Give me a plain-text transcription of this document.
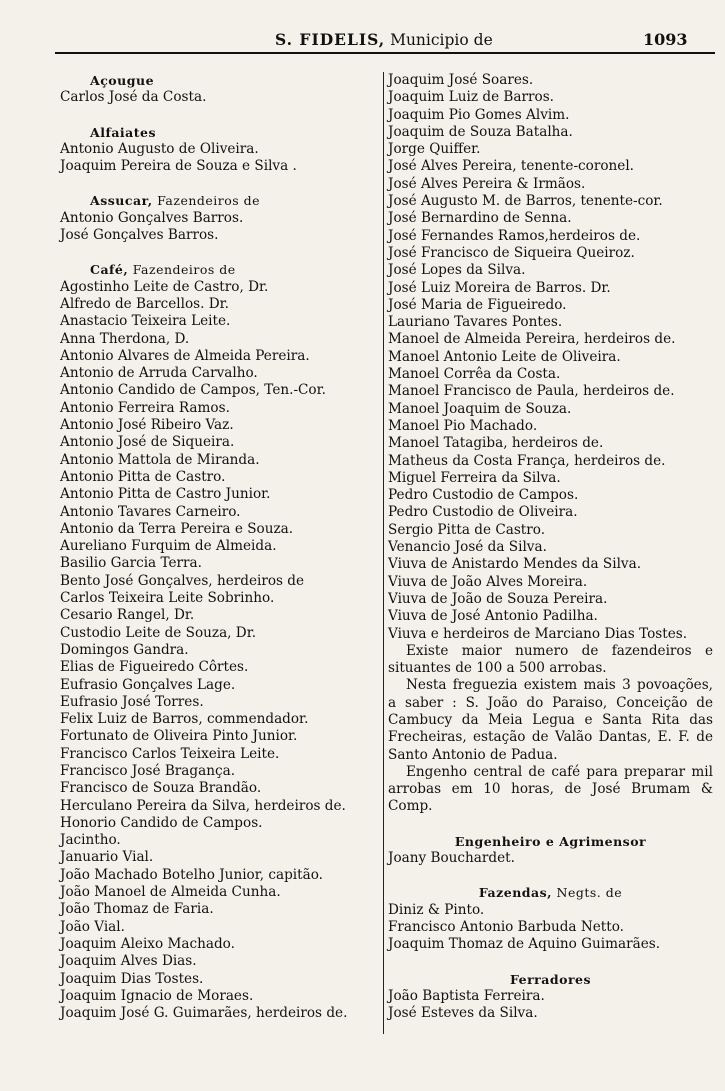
S. FIDELIS, Municipio de	1093
Açougue
Carlos José da Costa.
Alfaiates
Antonio Augusto de Oliveira.
Joaquim Pereira de Souza e Silva .
Assucar, Fazendeiros de
Antonio Gonçalves Barros.
José Gonçalves Barros.
Café, Fazendeiros de
Agostinho Leite de Castro, Dr.
Alfredo de Barcellos. Dr.
Anastacio Teixeira Leite.
Anna Therdona, D.
Antonio Alvares de Almeida Pereira.
Antonio de Arruda Carvalho.
Antonio Candido de Campos, Ten.-Cor.
Antonio Ferreira Ramos.
Antonio José Ribeiro Vaz.
Antonio José de Siqueira.
Antonio Mattola de Miranda.
Antonio Pitta de Castro.
Antonio Pitta de Castro Junior.
Antonio Tavares Carneiro.
Antonio da Terra Pereira e Souza.
Aureliano Furquim de Almeida.
Basilio Garcia Terra.
Bento José Gonçalves, herdeiros de
Carlos Teixeira Leite Sobrinho.
Cesario Rangel, Dr.
Custodio Leite de Souza, Dr.
Domingos Gandra.
Elias de Figueiredo Côrtes.
Eufrasio Gonçalves Lage.
Eufrasio José Torres.
Felix Luiz de Barros, commendador.
Fortunato de Oliveira Pinto Junior.
Francisco Carlos Teixeira Leite.
Francisco José Bragança.
Francisco de Souza Brandão.
Herculano Pereira da Silva, herdeiros de.
Honorio Candido de Campos.
Jacintho.
Januario Vial.
João Machado Botelho Junior, capitão.
João Manoel de Almeida Cunha.
João Thomaz de Faria.
João Vial.
Joaquim Aleixo Machado.
Joaquim Alves Dias.
Joaquim Dias Tostes.
Joaquim Ignacio de Moraes.
Joaquim José G. Guimarães, herdeiros de.
Joaquim José Soares.
Joaquim Luiz de Barros.
Joaquim Pio Gomes Alvim.
Joaquim de Souza Batalha.
Jorge Quiffer.
José Alves Pereira, tenente-coronel.
José Alves Pereira & Irmãos.
José Augusto M. de Barros, tenente-cor.
José Bernardino de Senna.
José Fernandes Ramos,herdeiros de.
José Francisco de Siqueira Queiroz.
José Lopes da Silva.
José Luiz Moreira de Barros. Dr.
José Maria de Figueiredo.
Lauriano Tavares Pontes.
Manoel de Almeida Pereira, herdeiros de.
Manoel Antonio Leite de Oliveira.
Manoel Corrêa da Costa.
Manoel Francisco de Paula, herdeiros de.
Manoel Joaquim de Souza.
Manoel Pio Machado.
Manoel Tatagiba, herdeiros de.
Matheus da Costa França, herdeiros de.
Miguel Ferreira da Silva.
Pedro Custodio de Campos.
Pedro Custodio de Oliveira.
Sergio Pitta de Castro.
Venancio José da Silva.
Viuva de Anistardo Mendes da Silva.
Viuva de João Alves Moreira.
Viuva de João de Souza Pereira.
Viuva de José Antonio Padilha.
Viuva e herdeiros de Marciano Dias Tostes.
Existe maior numero de fazendeiros e situantes de 100 a 500 arrobas.
Nesta freguezia existem mais 3 povoações, a saber : S. João do Paraiso, Conceição de Cambucy da Meia Legua e Santa Rita das Frecheiras, estação de Valão Dantas, E. F. de Santo Antonio de Padua.
Engenho central de café para preparar mil arrobas em 10 horas, de José Brumam & Comp.
Engenheiro e Agrimensor
Joany Bouchardet.
Fazendas, Negts. de
Diniz & Pinto.
Francisco Antonio Barbuda Netto.
Joaquim Thomaz de Aquino Guimarães.
Ferradores
João Baptista Ferreira.
José Esteves da Silva.
